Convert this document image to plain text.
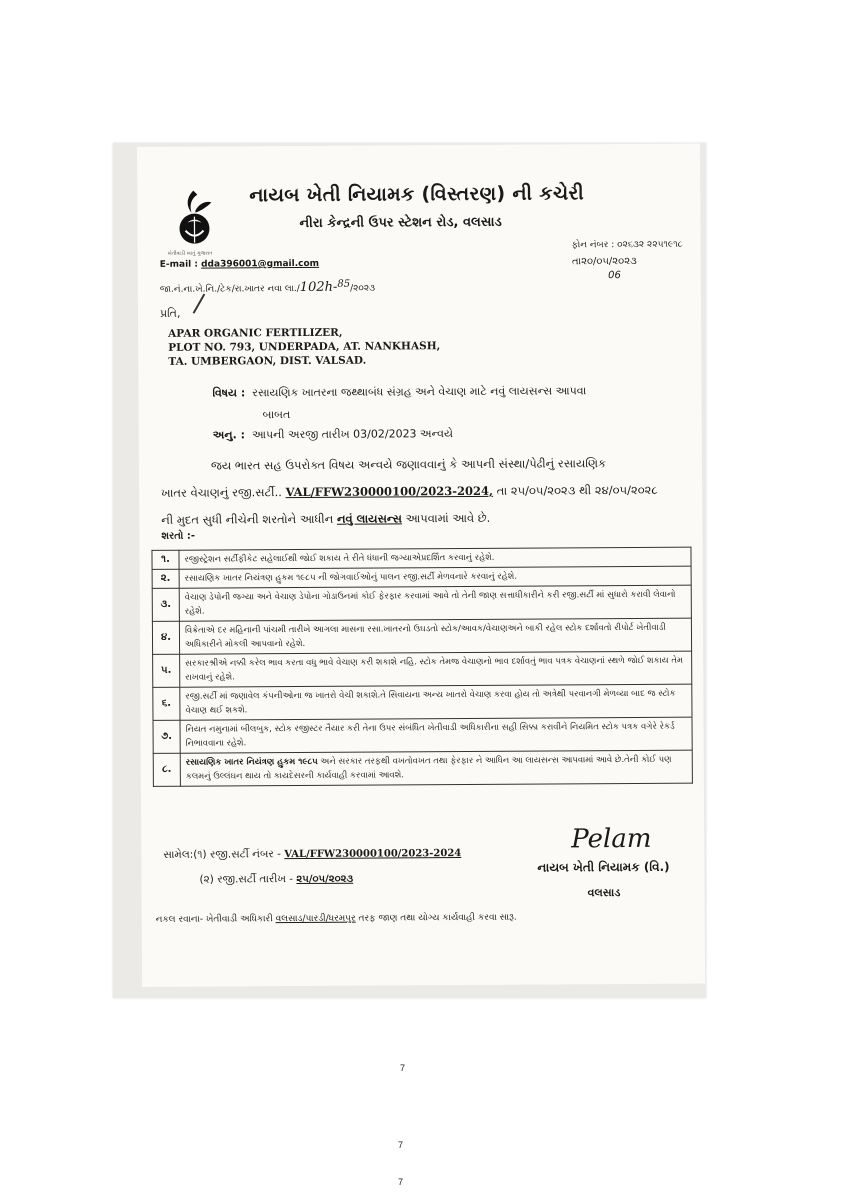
ખેતીવાડી ખાતું ગુજરાત
નાયબ ખેતી નિયામક (વિસ્તરણ) ની કચેરી
નીરા કેન્દ્રની ઉપર સ્ટેશન રોડ, વલસાડ
ફોન નંબર : ૦૨૬૩૨ ૨૨૫૧૯૧૮
E-mail : dda396001@gmail.com
જા.નં.ના.ખે.નિ./ટેક/રા.ખાતર નવા લા./102h-$^{85}$/૨૦૨૩
તા૨૦/૦૫/૨૦૨૩
06
પ્રતિ,
APAR ORGANIC FERTILIZER,
PLOT NO. 793, UNDERPADA, AT. NANKHASH,
TA. UMBERGAON, DIST. VALSAD.
વિષય : રસાયણિક ખાતરના જથ્થાબંધ સંગ્રહ અને વેચાણ માટે નવું લાયસન્સ આપવા
બાબત
અનુ. : આપની અરજી તારીખ 03/02/2023 અન્વયે
જય ભારત સહ ઉપરોક્ત વિષય અન્વયે જણાવવાનું કે આપની સંસ્થા/પેઢીનું રસાયણિક
ખાતર વેચાણનું રજી.સર્ટી.. VAL/FFW230000100/2023-2024, તા ૨૫/૦૫/૨૦૨૩ થી ૨૪/૦૫/૨૦૨૮
ની મુદત સુધી નીચેની શરતોને આધીન નવું લાયસન્સ આપવામાં આવે છે.
શરતો :-
૧.	રજીસ્ટ્રેશન સર્ટીફીકેટ સહેલાઈથી જોઈ શકાય તે રીતે ધંધાની જગ્યાએપ્રદર્શિત કરવાનું રહેશે.
૨.	રસાયણિક ખાતર નિયંત્રણ હુકમ ૧૯૮૫ ની જોગવાઈઓનું પાલન રજી.સર્ટી મેળવનારે કરવાનું રહેશે.
૩.	વેચાણ ડેપોની જગ્યા અને વેચાણ ડેપોના ગોડાઉનમાં કોઈ ફેરફાર કરવામાં આવે તો તેની જાણ સત્તાધીકારીને કરી રજી.સર્ટી માં સુધારો કરાવી લેવાનો રહેશે.
૪.	વિક્રેતાએ દર મહિનાની પાંચમી તારીખે આગલા માસના રસા.ખાતરનો ઉઘડતો સ્ટોક/આવક/વેચાણઅને બાકી રહેલ સ્ટોક દર્શાવતો રીપોર્ટ ખેતીવાડી અધિકારીને મોકલી આપવાનો રહેશે.
૫.	સરકારશ્રીએ નક્કી કરેલ ભાવ કરતા વધુ ભાવે વેચાણ કરી શકાશે નહિ. સ્ટોક તેમજ વેચાણનો ભાવ દર્શાવતું ભાવ પત્રક વેચાણનાં સ્થળે જોઈ શકાય તેમ રાખવાનું રહેશે.
૬.	રજી.સર્ટી માં જણાવેલ કંપનીઓના જ ખાતરો વેચી શકાશે.તે સિવાયના અન્ય ખાતરો વેચાણ કરવા હોય તો અત્રેથી પરવાનગી મેળવ્યા બાદ જ સ્ટોક વેચાણ થઈ શકશે.
૭.	નિયત નમુનામાં બીલબુક, સ્ટોક રજીસ્ટર તૈયાર કરી તેના ઉપર સંબંધિત ખેતીવાડી અધિકારીના સહી સિક્કા કરાવીને નિયમિત સ્ટોક પત્રક વગેરે રેકર્ડ નિભાવવાના રહેશે.
૮.	રસાયણિક ખાતર નિયંત્રણ હુકમ ૧૯૮૫ અને સરકાર તરફથી વખતોવખત તથા ફેરફાર ને આધિન આ લાયસન્સ આપવામાં આવે છે.તેની કોઈ પણ કલમનું ઉલ્લંઘન થાય તો કાયદેસરની કાર્યવાહી કરવામાં આવશે.
સામેલ:(૧) રજી.સર્ટી નંબર - VAL/FFW230000100/2023-2024
(૨) રજી.સર્ટી તારીખ - ૨૫/૦૫/૨૦૨૩
Pelam
નાયબ ખેતી નિયામક (વિ.)
વલસાડ
નકલ રવાના- ખેતીવાડી અધિકારી વલસાડ/પારડી/ધરમપુર તરફ જાણ તથા યોગ્ય કાર્યવાહી કરવા સારૂ.
7
7
7
